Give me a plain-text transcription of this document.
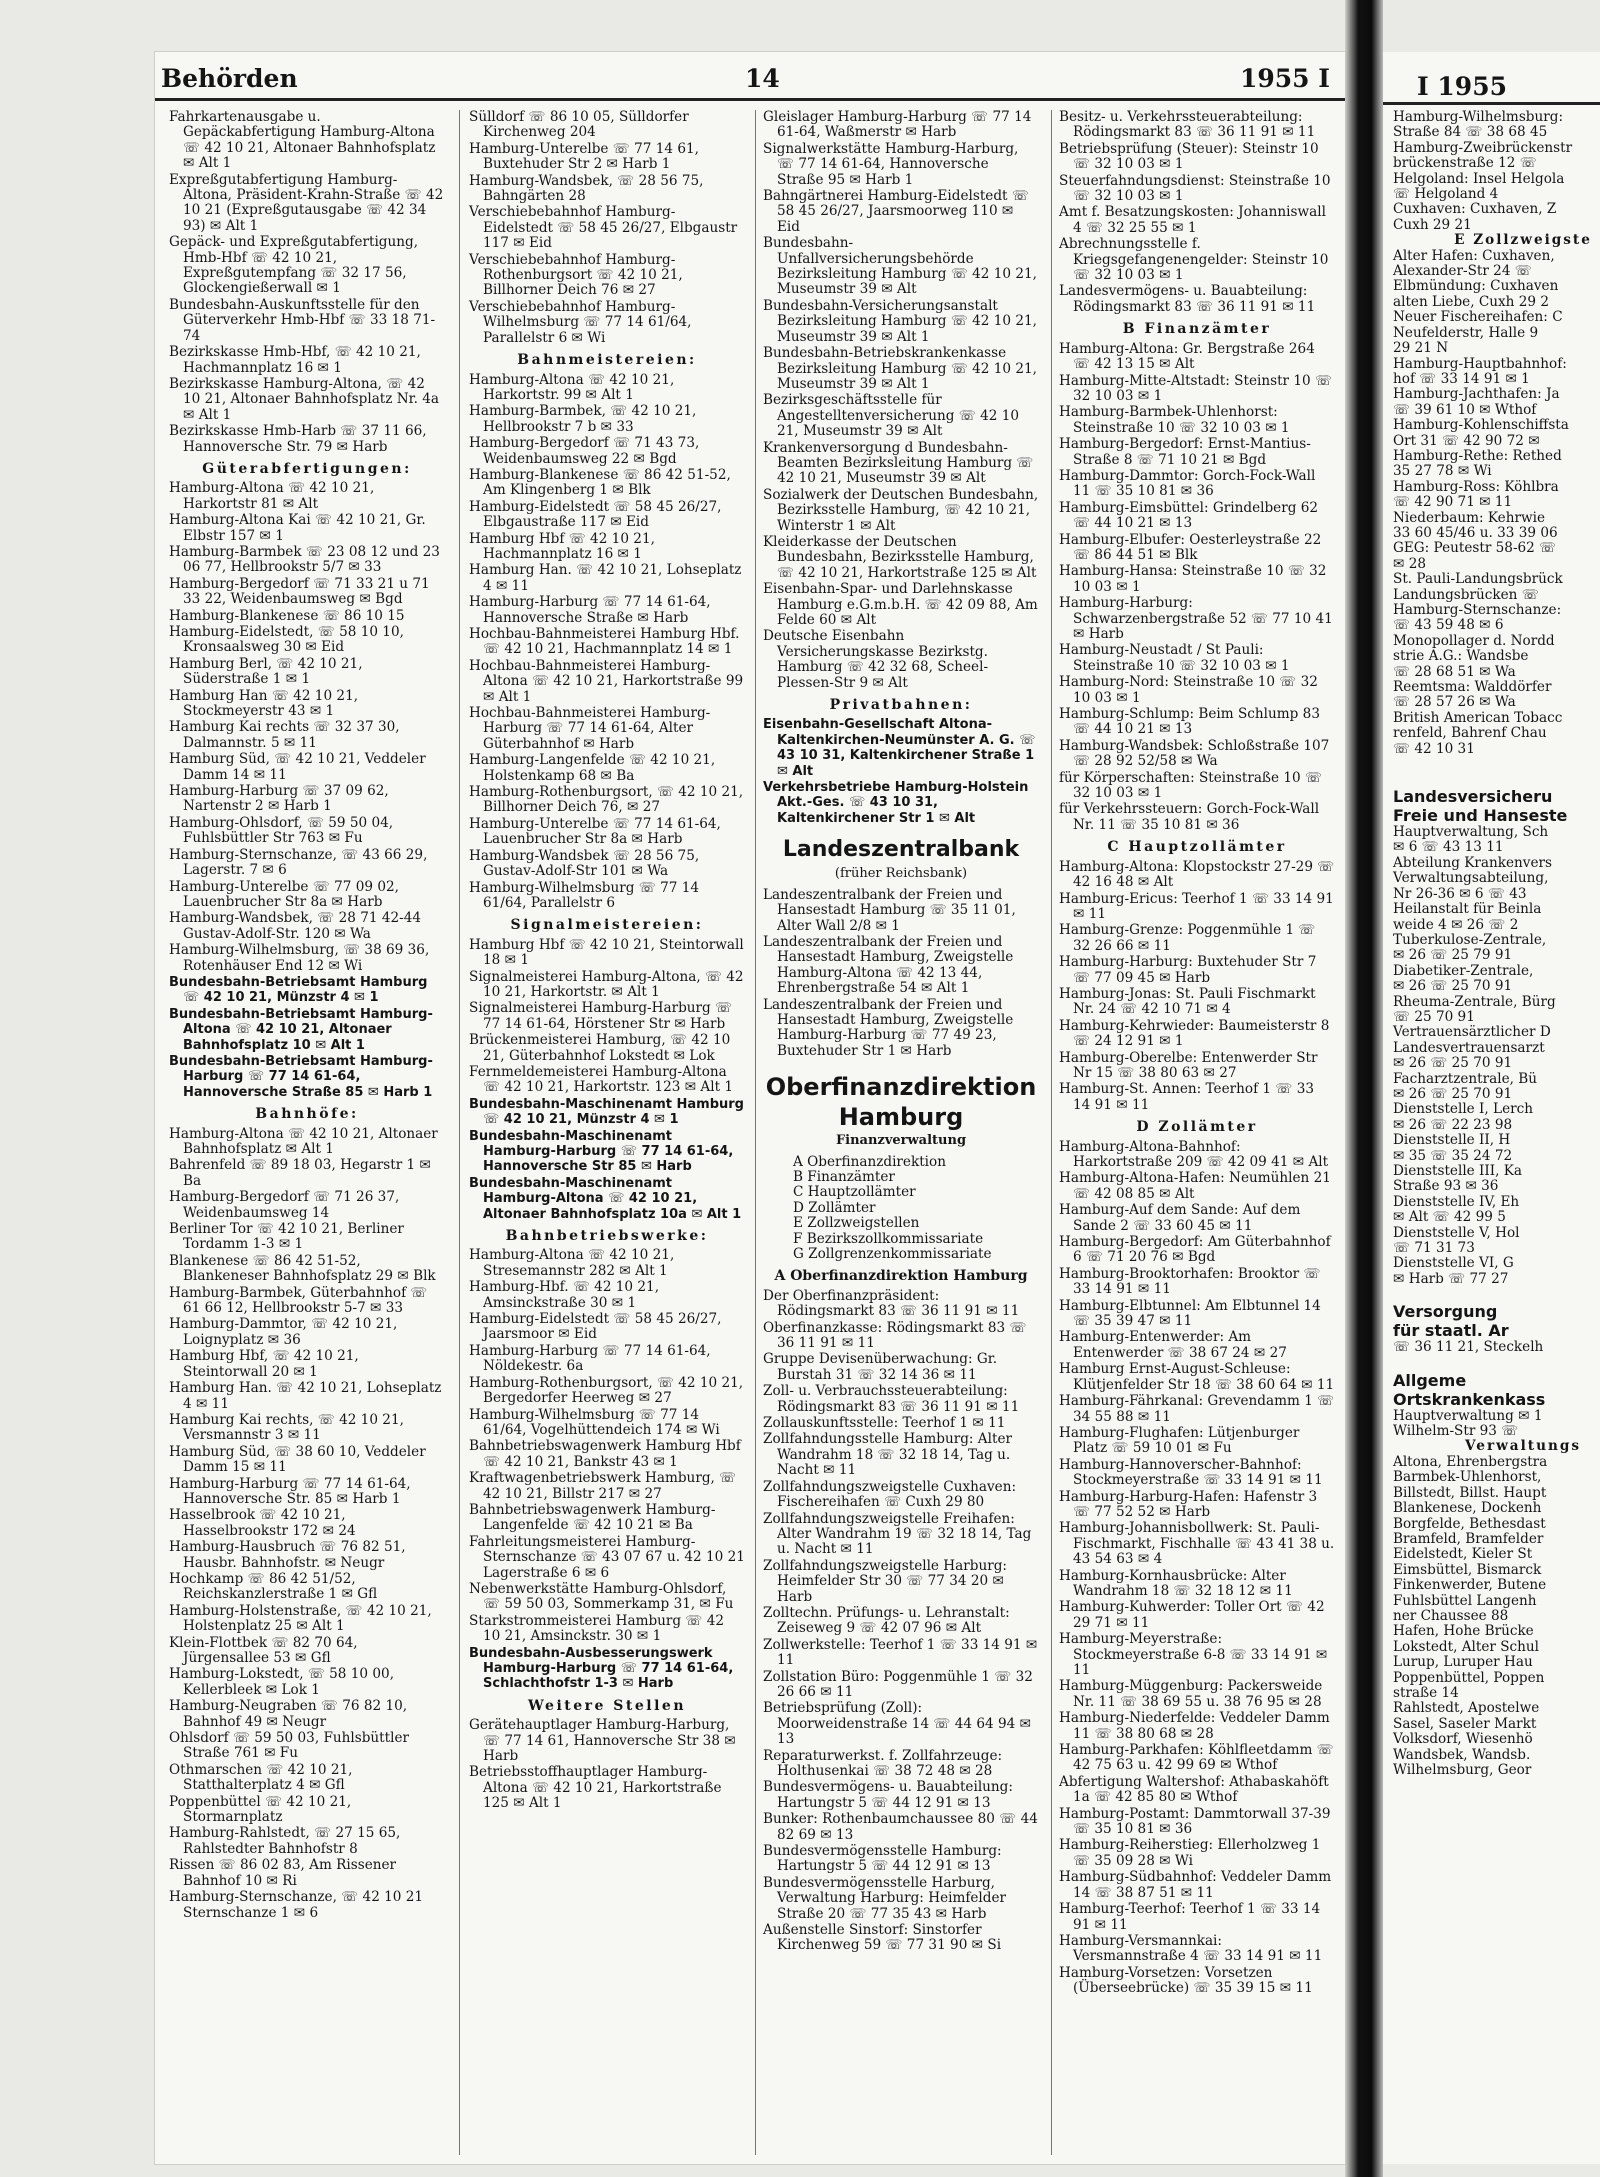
Behörden	14	1955 I
Fahrkartenausgabe u. Gepäckabfertigung Hamburg-Altona ☏ 42 10 21, Altonaer Bahnhofsplatz ✉ Alt 1
Expreßgutabfertigung Hamburg-Altona, Präsident-Krahn-Straße ☏ 42 10 21 (Expreßgutausgabe ☏ 42 34 93) ✉ Alt 1
Gepäck- und Expreßgutabfertigung, Hmb-Hbf ☏ 42 10 21, Expreßgutempfang ☏ 32 17 56, Glockengießerwall ✉ 1
Bundesbahn-Auskunftsstelle für den Güterverkehr Hmb-Hbf ☏ 33 18 71-74
Bezirkskasse Hmb-Hbf, ☏ 42 10 21, Hachmannplatz 16 ✉ 1
Bezirkskasse Hamburg-Altona, ☏ 42 10 21, Altonaer Bahnhofsplatz Nr. 4a ✉ Alt 1
Bezirkskasse Hmb-Harb ☏ 37 11 66, Hannoversche Str. 79 ✉ Harb
Güterabfertigungen:
Hamburg-Altona ☏ 42 10 21, Harkortstr 81 ✉ Alt
Hamburg-Altona Kai ☏ 42 10 21, Gr. Elbstr 157 ✉ 1
Hamburg-Barmbek ☏ 23 08 12 und 23 06 77, Hellbrookstr 5/7 ✉ 33
Hamburg-Bergedorf ☏ 71 33 21 u 71 33 22, Weidenbaumsweg ✉ Bgd
Hamburg-Blankenese ☏ 86 10 15
Hamburg-Eidelstedt, ☏ 58 10 10, Kronsaalsweg 30 ✉ Eid
Hamburg Berl, ☏ 42 10 21, Süderstraße 1 ✉ 1
Hamburg Han ☏ 42 10 21, Stockmeyerstr 43 ✉ 1
Hamburg Kai rechts ☏ 32 37 30, Dalmannstr. 5 ✉ 11
Hamburg Süd, ☏ 42 10 21, Veddeler Damm 14 ✉ 11
Hamburg-Harburg ☏ 37 09 62, Nartenstr 2 ✉ Harb 1
Hamburg-Ohlsdorf, ☏ 59 50 04, Fuhlsbüttler Str 763 ✉ Fu
Hamburg-Sternschanze, ☏ 43 66 29, Lagerstr. 7 ✉ 6
Hamburg-Unterelbe ☏ 77 09 02, Lauenbrucher Str 8a ✉ Harb
Hamburg-Wandsbek, ☏ 28 71 42-44 Gustav-Adolf-Str. 120 ✉ Wa
Hamburg-Wilhelmsburg, ☏ 38 69 36, Rotenhäuser End 12 ✉ Wi
Bundesbahn-Betriebsamt Hamburg ☏ 42 10 21, Münzstr 4 ✉ 1
Bundesbahn-Betriebsamt Hamburg-Altona ☏ 42 10 21, Altonaer Bahnhofsplatz 10 ✉ Alt 1
Bundesbahn-Betriebsamt Hamburg-Harburg ☏ 77 14 61-64, Hannoversche Straße 85 ✉ Harb 1
Bahnhöfe:
Hamburg-Altona ☏ 42 10 21, Altonaer Bahnhofsplatz ✉ Alt 1
Bahrenfeld ☏ 89 18 03, Hegarstr 1 ✉ Ba
Hamburg-Bergedorf ☏ 71 26 37, Weidenbaumsweg 14
Berliner Tor ☏ 42 10 21, Berliner Tordamm 1-3 ✉ 1
Blankenese ☏ 86 42 51-52, Blankeneser Bahnhofsplatz 29 ✉ Blk
Hamburg-Barmbek, Güterbahnhof ☏ 61 66 12, Hellbrookstr 5-7 ✉ 33
Hamburg-Dammtor, ☏ 42 10 21, Loignyplatz ✉ 36
Hamburg Hbf, ☏ 42 10 21, Steintorwall 20 ✉ 1
Hamburg Han. ☏ 42 10 21, Lohseplatz 4 ✉ 11
Hamburg Kai rechts, ☏ 42 10 21, Versmannstr 3 ✉ 11
Hamburg Süd, ☏ 38 60 10, Veddeler Damm 15 ✉ 11
Hamburg-Harburg ☏ 77 14 61-64, Hannoversche Str. 85 ✉ Harb 1
Hasselbrook ☏ 42 10 21, Hasselbrookstr 172 ✉ 24
Hamburg-Hausbruch ☏ 76 82 51, Hausbr. Bahnhofstr. ✉ Neugr
Hochkamp ☏ 86 42 51/52, Reichskanzlerstraße 1 ✉ Gfl
Hamburg-Holstenstraße, ☏ 42 10 21, Holstenplatz 25 ✉ Alt 1
Klein-Flottbek ☏ 82 70 64, Jürgensallee 53 ✉ Gfl
Hamburg-Lokstedt, ☏ 58 10 00, Kellerbleek ✉ Lok 1
Hamburg-Neugraben ☏ 76 82 10, Bahnhof 49 ✉ Neugr
Ohlsdorf ☏ 59 50 03, Fuhlsbüttler Straße 761 ✉ Fu
Othmarschen ☏ 42 10 21, Statthalterplatz 4 ✉ Gfl
Poppenbüttel ☏ 42 10 21, Stormarnplatz
Hamburg-Rahlstedt, ☏ 27 15 65, Rahlstedter Bahnhofstr 8
Rissen ☏ 86 02 83, Am Rissener Bahnhof 10 ✉ Ri
Hamburg-Sternschanze, ☏ 42 10 21 Sternschanze 1 ✉ 6
Sülldorf ☏ 86 10 05, Sülldorfer Kirchenweg 204
Hamburg-Unterelbe ☏ 77 14 61, Buxtehuder Str 2 ✉ Harb 1
Hamburg-Wandsbek, ☏ 28 56 75, Bahngärten 28
Verschiebebahnhof Hamburg-Eidelstedt ☏ 58 45 26/27, Elbgaustr 117 ✉ Eid
Verschiebebahnhof Hamburg-Rothenburgsort ☏ 42 10 21, Billhorner Deich 76 ✉ 27
Verschiebebahnhof Hamburg-Wilhelmsburg ☏ 77 14 61/64, Parallelstr 6 ✉ Wi
Bahnmeistereien:
Hamburg-Altona ☏ 42 10 21, Harkortstr. 99 ✉ Alt 1
Hamburg-Barmbek, ☏ 42 10 21, Hellbrookstr 7 b ✉ 33
Hamburg-Bergedorf ☏ 71 43 73, Weidenbaumsweg 22 ✉ Bgd
Hamburg-Blankenese ☏ 86 42 51-52, Am Klingenberg 1 ✉ Blk
Hamburg-Eidelstedt ☏ 58 45 26/27, Elbgaustraße 117 ✉ Eid
Hamburg Hbf ☏ 42 10 21, Hachmannplatz 16 ✉ 1
Hamburg Han. ☏ 42 10 21, Lohseplatz 4 ✉ 11
Hamburg-Harburg ☏ 77 14 61-64, Hannoversche Straße ✉ Harb
Hochbau-Bahnmeisterei Hamburg Hbf. ☏ 42 10 21, Hachmannplatz 14 ✉ 1
Hochbau-Bahnmeisterei Hamburg-Altona ☏ 42 10 21, Harkortstraße 99 ✉ Alt 1
Hochbau-Bahnmeisterei Hamburg-Harburg ☏ 77 14 61-64, Alter Güterbahnhof ✉ Harb
Hamburg-Langenfelde ☏ 42 10 21, Holstenkamp 68 ✉ Ba
Hamburg-Rothenburgsort, ☏ 42 10 21, Billhorner Deich 76, ✉ 27
Hamburg-Unterelbe ☏ 77 14 61-64, Lauenbrucher Str 8a ✉ Harb
Hamburg-Wandsbek ☏ 28 56 75, Gustav-Adolf-Str 101 ✉ Wa
Hamburg-Wilhelmsburg ☏ 77 14 61/64, Parallelstr 6
Signalmeistereien:
Hamburg Hbf ☏ 42 10 21, Steintorwall 18 ✉ 1
Signalmeisterei Hamburg-Altona, ☏ 42 10 21, Harkortstr. ✉ Alt 1
Signalmeisterei Hamburg-Harburg ☏ 77 14 61-64, Hörstener Str ✉ Harb
Brückenmeisterei Hamburg, ☏ 42 10 21, Güterbahnhof Lokstedt ✉ Lok
Fernmeldemeisterei Hamburg-Altona ☏ 42 10 21, Harkortstr. 123 ✉ Alt 1
Bundesbahn-Maschinenamt Hamburg ☏ 42 10 21, Münzstr 4 ✉ 1
Bundesbahn-Maschinenamt Hamburg-Harburg ☏ 77 14 61-64, Hannoversche Str 85 ✉ Harb
Bundesbahn-Maschinenamt Hamburg-Altona ☏ 42 10 21, Altonaer Bahnhofsplatz 10a ✉ Alt 1
Bahnbetriebswerke:
Hamburg-Altona ☏ 42 10 21, Stresemannstr 282 ✉ Alt 1
Hamburg-Hbf. ☏ 42 10 21, Amsinckstraße 30 ✉ 1
Hamburg-Eidelstedt ☏ 58 45 26/27, Jaarsmoor ✉ Eid
Hamburg-Harburg ☏ 77 14 61-64, Nöldekestr. 6a
Hamburg-Rothenburgsort, ☏ 42 10 21, Bergedorfer Heerweg ✉ 27
Hamburg-Wilhelmsburg ☏ 77 14 61/64, Vogelhüttendeich 174 ✉ Wi
Bahnbetriebswagenwerk Hamburg Hbf ☏ 42 10 21, Bankstr 43 ✉ 1
Kraftwagenbetriebswerk Hamburg, ☏ 42 10 21, Billstr 217 ✉ 27
Bahnbetriebswagenwerk Hamburg-Langenfelde ☏ 42 10 21 ✉ Ba
Fahrleitungsmeisterei Hamburg-Sternschanze ☏ 43 07 67 u. 42 10 21 Lagerstraße 6 ✉ 6
Nebenwerkstätte Hamburg-Ohlsdorf, ☏ 59 50 03, Sommerkamp 31, ✉ Fu
Starkstrommeisterei Hamburg ☏ 42 10 21, Amsinckstr. 30 ✉ 1
Bundesbahn-Ausbesserungswerk Hamburg-Harburg ☏ 77 14 61-64, Schlachthofstr 1-3 ✉ Harb
Weitere Stellen
Gerätehauptlager Hamburg-Harburg, ☏ 77 14 61, Hannoversche Str 38 ✉ Harb
Betriebsstoffhauptlager Hamburg-Altona ☏ 42 10 21, Harkortstraße 125 ✉ Alt 1
Gleislager Hamburg-Harburg ☏ 77 14 61-64, Waßmerstr ✉ Harb
Signalwerkstätte Hamburg-Harburg, ☏ 77 14 61-64, Hannoversche Straße 95 ✉ Harb 1
Bahngärtnerei Hamburg-Eidelstedt ☏ 58 45 26/27, Jaarsmoorweg 110 ✉ Eid
Bundesbahn-Unfallversicherungsbehörde Bezirksleitung Hamburg ☏ 42 10 21, Museumstr 39 ✉ Alt
Bundesbahn-Versicherungsanstalt Bezirksleitung Hamburg ☏ 42 10 21, Museumstr 39 ✉ Alt 1
Bundesbahn-Betriebskrankenkasse Bezirksleitung Hamburg ☏ 42 10 21, Museumstr 39 ✉ Alt 1
Bezirksgeschäftsstelle für Angestelltenversicherung ☏ 42 10 21, Museumstr 39 ✉ Alt
Krankenversorgung d Bundesbahn-Beamten Bezirksleitung Hamburg ☏ 42 10 21, Museumstr 39 ✉ Alt
Sozialwerk der Deutschen Bundesbahn, Bezirksstelle Hamburg, ☏ 42 10 21, Winterstr 1 ✉ Alt
Kleiderkasse der Deutschen Bundesbahn, Bezirksstelle Hamburg, ☏ 42 10 21, Harkortstraße 125 ✉ Alt
Eisenbahn-Spar- und Darlehnskasse Hamburg e.G.m.b.H. ☏ 42 09 88, Am Felde 60 ✉ Alt
Deutsche Eisenbahn Versicherungskasse Bezirkstg. Hamburg ☏ 42 32 68, Scheel-Plessen-Str 9 ✉ Alt
Privatbahnen:
Eisenbahn-Gesellschaft Altona-Kaltenkirchen-Neumünster A. G. ☏ 43 10 31, Kaltenkirchener Straße 1 ✉ Alt
Verkehrsbetriebe Hamburg-Holstein Akt.-Ges. ☏ 43 10 31, Kaltenkirchener Str 1 ✉ Alt
Landeszentralbank
(früher Reichsbank)
Landeszentralbank der Freien und Hansestadt Hamburg ☏ 35 11 01, Alter Wall 2/8 ✉ 1
Landeszentralbank der Freien und Hansestadt Hamburg, Zweigstelle Hamburg-Altona ☏ 42 13 44, Ehrenbergstraße 54 ✉ Alt 1
Landeszentralbank der Freien und Hansestadt Hamburg, Zweigstelle Hamburg-Harburg ☏ 77 49 23, Buxtehuder Str 1 ✉ Harb
Oberfinanzdirektion
Hamburg
Finanzverwaltung
A Oberfinanzdirektion
B Finanzämter
C Hauptzollämter
D Zollämter
E Zollzweigstellen
F Bezirkszollkommissariate
G Zollgrenzenkommissariate
A Oberfinanzdirektion Hamburg
Der Oberfinanzpräsident: Rödingsmarkt 83 ☏ 36 11 91 ✉ 11
Oberfinanzkasse: Rödingsmarkt 83 ☏ 36 11 91 ✉ 11
Gruppe Devisenüberwachung: Gr. Burstah 31 ☏ 32 14 36 ✉ 11
Zoll- u. Verbrauchssteuerabteilung: Rödingsmarkt 83 ☏ 36 11 91 ✉ 11
Zollauskunftsstelle: Teerhof 1 ✉ 11
Zollfahndungsstelle Hamburg: Alter Wandrahm 18 ☏ 32 18 14, Tag u. Nacht ✉ 11
Zollfahndungszweigstelle Cuxhaven: Fischereihafen ☏ Cuxh 29 80
Zollfahndungszweigstelle Freihafen: Alter Wandrahm 19 ☏ 32 18 14, Tag u. Nacht ✉ 11
Zollfahndungszweigstelle Harburg: Heimfelder Str 30 ☏ 77 34 20 ✉ Harb
Zolltechn. Prüfungs- u. Lehranstalt: Zeiseweg 9 ☏ 42 07 96 ✉ Alt
Zollwerkstelle: Teerhof 1 ☏ 33 14 91 ✉ 11
Zollstation Büro: Poggenmühle 1 ☏ 32 26 66 ✉ 11
Betriebsprüfung (Zoll): Moorweidenstraße 14 ☏ 44 64 94 ✉ 13
Reparaturwerkst. f. Zollfahrzeuge: Holthusenkai ☏ 38 72 48 ✉ 28
Bundesvermögens- u. Bauabteilung: Hartungstr 5 ☏ 44 12 91 ✉ 13
Bunker: Rothenbaumchaussee 80 ☏ 44 82 69 ✉ 13
Bundesvermögensstelle Hamburg: Hartungstr 5 ☏ 44 12 91 ✉ 13
Bundesvermögensstelle Harburg, Verwaltung Harburg: Heimfelder Straße 20 ☏ 77 35 43 ✉ Harb
Außenstelle Sinstorf: Sinstorfer Kirchenweg 59 ☏ 77 31 90 ✉ Si
Besitz- u. Verkehrssteuerabteilung: Rödingsmarkt 83 ☏ 36 11 91 ✉ 11
Betriebsprüfung (Steuer): Steinstr 10 ☏ 32 10 03 ✉ 1
Steuerfahndungsdienst: Steinstraße 10 ☏ 32 10 03 ✉ 1
Amt f. Besatzungskosten: Johanniswall 4 ☏ 32 25 55 ✉ 1
Abrechnungsstelle f. Kriegsgefangenengelder: Steinstr 10 ☏ 32 10 03 ✉ 1
Landesvermögens- u. Bauabteilung: Rödingsmarkt 83 ☏ 36 11 91 ✉ 11
B Finanzämter
Hamburg-Altona: Gr. Bergstraße 264 ☏ 42 13 15 ✉ Alt
Hamburg-Mitte-Altstadt: Steinstr 10 ☏ 32 10 03 ✉ 1
Hamburg-Barmbek-Uhlenhorst: Steinstraße 10 ☏ 32 10 03 ✉ 1
Hamburg-Bergedorf: Ernst-Mantius-Straße 8 ☏ 71 10 21 ✉ Bgd
Hamburg-Dammtor: Gorch-Fock-Wall 11 ☏ 35 10 81 ✉ 36
Hamburg-Eimsbüttel: Grindelberg 62 ☏ 44 10 21 ✉ 13
Hamburg-Elbufer: Oesterleystraße 22 ☏ 86 44 51 ✉ Blk
Hamburg-Hansa: Steinstraße 10 ☏ 32 10 03 ✉ 1
Hamburg-Harburg: Schwarzenbergstraße 52 ☏ 77 10 41 ✉ Harb
Hamburg-Neustadt / St Pauli: Steinstraße 10 ☏ 32 10 03 ✉ 1
Hamburg-Nord: Steinstraße 10 ☏ 32 10 03 ✉ 1
Hamburg-Schlump: Beim Schlump 83 ☏ 44 10 21 ✉ 13
Hamburg-Wandsbek: Schloßstraße 107 ☏ 28 92 52/58 ✉ Wa
für Körperschaften: Steinstraße 10 ☏ 32 10 03 ✉ 1
für Verkehrssteuern: Gorch-Fock-Wall Nr. 11 ☏ 35 10 81 ✉ 36
C Hauptzollämter
Hamburg-Altona: Klopstockstr 27-29 ☏ 42 16 48 ✉ Alt
Hamburg-Ericus: Teerhof 1 ☏ 33 14 91 ✉ 11
Hamburg-Grenze: Poggenmühle 1 ☏ 32 26 66 ✉ 11
Hamburg-Harburg: Buxtehuder Str 7 ☏ 77 09 45 ✉ Harb
Hamburg-Jonas: St. Pauli Fischmarkt Nr. 24 ☏ 42 10 71 ✉ 4
Hamburg-Kehrwieder: Baumeisterstr 8 ☏ 24 12 91 ✉ 1
Hamburg-Oberelbe: Entenwerder Str Nr 15 ☏ 38 80 63 ✉ 27
Hamburg-St. Annen: Teerhof 1 ☏ 33 14 91 ✉ 11
D Zollämter
Hamburg-Altona-Bahnhof: Harkortstraße 209 ☏ 42 09 41 ✉ Alt
Hamburg-Altona-Hafen: Neumühlen 21 ☏ 42 08 85 ✉ Alt
Hamburg-Auf dem Sande: Auf dem Sande 2 ☏ 33 60 45 ✉ 11
Hamburg-Bergedorf: Am Güterbahnhof 6 ☏ 71 20 76 ✉ Bgd
Hamburg-Brooktorhafen: Brooktor ☏ 33 14 91 ✉ 11
Hamburg-Elbtunnel: Am Elbtunnel 14 ☏ 35 39 47 ✉ 11
Hamburg-Entenwerder: Am Entenwerder ☏ 38 67 24 ✉ 27
Hamburg Ernst-August-Schleuse: Klütjenfelder Str 18 ☏ 38 60 64 ✉ 11
Hamburg-Fährkanal: Grevendamm 1 ☏ 34 55 88 ✉ 11
Hamburg-Flughafen: Lütjenburger Platz ☏ 59 10 01 ✉ Fu
Hamburg-Hannoverscher-Bahnhof: Stockmeyerstraße ☏ 33 14 91 ✉ 11
Hamburg-Harburg-Hafen: Hafenstr 3 ☏ 77 52 52 ✉ Harb
Hamburg-Johannisbollwerk: St. Pauli-Fischmarkt, Fischhalle ☏ 43 41 38 u. 43 54 63 ✉ 4
Hamburg-Kornhausbrücke: Alter Wandrahm 18 ☏ 32 18 12 ✉ 11
Hamburg-Kuhwerder: Toller Ort ☏ 42 29 71 ✉ 11
Hamburg-Meyerstraße: Stockmeyerstraße 6-8 ☏ 33 14 91 ✉ 11
Hamburg-Müggenburg: Packersweide Nr. 11 ☏ 38 69 55 u. 38 76 95 ✉ 28
Hamburg-Niederfelde: Veddeler Damm 11 ☏ 38 80 68 ✉ 28
Hamburg-Parkhafen: Köhlfleetdamm ☏ 42 75 63 u. 42 99 69 ✉ Wthof
Abfertigung Waltershof: Athabaskahöft 1a ☏ 42 85 80 ✉ Wthof
Hamburg-Postamt: Dammtorwall 37-39 ☏ 35 10 81 ✉ 36
Hamburg-Reiherstieg: Ellerholzweg 1 ☏ 35 09 28 ✉ Wi
Hamburg-Südbahnhof: Veddeler Damm 14 ☏ 38 87 51 ✉ 11
Hamburg-Teerhof: Teerhof 1 ☏ 33 14 91 ✉ 11
Hamburg-Versmannkai: Versmannstraße 4 ☏ 33 14 91 ✉ 11
Hamburg-Vorsetzen: Vorsetzen (Überseebrücke) ☏ 35 39 15 ✉ 11
I 1955
Hamburg-Wilhelmsburg:
Straße 84 ☏ 38 68 45
Hamburg-Zweibrückenstr
brückenstraße 12 ☏
Helgoland: Insel Helgola
☏ Helgoland 4
Cuxhaven: Cuxhaven, Z
Cuxh 29 21
E Zollzweigste
Alter Hafen: Cuxhaven,
Alexander-Str 24 ☏
Elbmündung: Cuxhaven
alten Liebe, Cuxh 29 2
Neuer Fischereihafen: C
Neufelderstr, Halle 9
29 21 N
Hamburg-Hauptbahnhof:
hof ☏ 33 14 91 ✉ 1
Hamburg-Jachthafen: Ja
☏ 39 61 10 ✉ Wthof
Hamburg-Kohlenschiffsta
Ort 31 ☏ 42 90 72 ✉
Hamburg-Rethe: Rethed
35 27 78 ✉ Wi
Hamburg-Ross: Köhlbra
☏ 42 90 71 ✉ 11
Niederbaum: Kehrwie
33 60 45/46 u. 33 39 06
GEG: Peutestr 58-62 ☏
✉ 28
St. Pauli-Landungsbrück
Landungsbrücken ☏
Hamburg-Sternschanze:
☏ 43 59 48 ✉ 6
Monopollager d. Nordd
strie A.G.: Wandsbe
☏ 28 68 51 ✉ Wa
Reemtsma: Walddörfer
☏ 28 57 26 ✉ Wa
British American Tobacc
renfeld, Bahrenf Chau
☏ 42 10 31
Landesversicheru
Freie und Hanseste
Hauptverwaltung, Sch
✉ 6 ☏ 43 13 11
Abteilung Krankenvers
Verwaltungsabteilung,
Nr 26-36 ✉ 6 ☏ 43
Heilanstalt für Beinla
weide 4 ✉ 26 ☏ 2
Tuberkulose-Zentrale,
✉ 26 ☏ 25 79 91
Diabetiker-Zentrale,
✉ 26 ☏ 25 70 91
Rheuma-Zentrale, Bürg
☏ 25 70 91
Vertrauensärztlicher D
Landesvertrauensarzt
✉ 26 ☏ 25 70 91
Facharztzentrale, Bü
✉ 26 ☏ 25 70 91
Dienststelle I, Lerch
✉ 26 ☏ 22 23 98
Dienststelle II, H
✉ 35 ☏ 35 24 72
Dienststelle III, Ka
Straße 93 ✉ 36
Dienststelle IV, Eh
✉ Alt ☏ 42 99 5
Dienststelle V, Hol
☏ 71 31 73
Dienststelle VI, G
✉ Harb ☏ 77 27
Versorgung
für staatl. Ar
☏ 36 11 21, Steckelh
Allgeme
Ortskrankenkass
Hauptverwaltung ✉ 1
Wilhelm-Str 93 ☏
Verwaltungs
Altona, Ehrenbergstra
Barmbek-Uhlenhorst,
Billstedt, Billst. Haupt
Blankenese, Dockenh
Borgfelde, Bethesdast
Bramfeld, Bramfelder
Eidelstedt, Kieler St
Eimsbüttel, Bismarck
Finkenwerder, Butene
Fuhlsbüttel Langenh
ner Chaussee 88
Hafen, Hohe Brücke
Lokstedt, Alter Schul
Lurup, Luruper Hau
Poppenbüttel, Poppen
straße 14
Rahlstedt, Apostelwe
Sasel, Saseler Markt
Volksdorf, Wiesenhö
Wandsbek, Wandsb.
Wilhelmsburg, Geor
